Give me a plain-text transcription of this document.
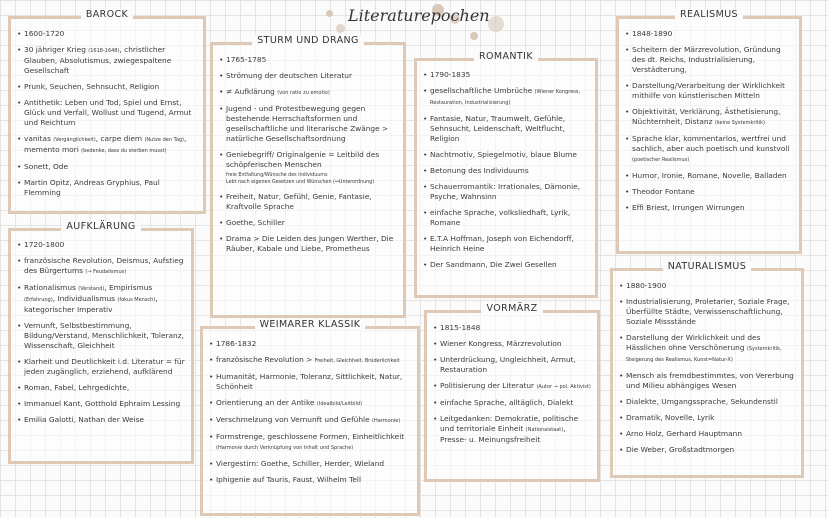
Literaturepochen
BAROCK
• 1600-1720
• 30 jähriger Krieg (1618-1648), christlicher Glauben, Absolutismus, zwiegespaltene Gesellschaft
• Prunk, Seuchen, Sehnsucht, Religion
• Antithetik: Leben und Tod, Spiel und Ernst, Glück und Verfall, Wollust und Tugend, Armut und Reichtum
• vanitas (Vergänglichkeit), carpe diem (Nutze den Tag), memento mori (bedenke, dass du sterben musst)
• Sonett, Ode
• Martin Opitz, Andreas Gryphius, Paul Flemming
AUFKLÄRUNG
• 1720-1800
• französische Revolution, Deismus, Aufstieg des Bürgertums (→ Feudalismus)
• Rationalismus (Verstand), Empirismus (Erfahrung), Individualismus (fokus Mensch), kategorischer Imperativ
• Vernunft, Selbstbestimmung, Bildung/Verstand, Menschlichkeit, Toleranz, Wissenschaft, Gleichheit
• Klarheit und Deutlichkeit i.d. Literatur = für jeden zugänglich, erziehend, aufklärend
• Roman, Fabel, Lehrgedichte,
• Immanuel Kant, Gotthold Ephraim Lessing
• Emilia Galotti, Nathan der Weise
STURM UND DRANG
• 1765-1785
• Strömung der deutschen Literatur
• ≠ Aufklärung (von ratio zu emotio)
• Jugend - und Protestbewegung gegen bestehende Herrschaftsformen und gesellschaftliche und literarische Zwänge > natürliche Gesellschaftsordnung
• Geniebegriff/ Originalgenie = Leitbild des schöpferischen Menschen
freie Entfaltung/Wünsche des Individuums
Lebt nach eigenen Gesetzen und Wünschen (↔Unterordnung)
• Freiheit, Natur, Gefühl, Genie, Fantasie, Kraftvolle Sprache
• Goethe, Schiller
• Drama > Die Leiden des Jungen Werther, Die Räuber, Kabale und Liebe, Prometheus
WEIMARER KLASSIK
• 1786-1832
• französische Revolution > Freiheit, Gleichheit, Brüderlichkeit
• Humanität, Harmonie, Toleranz, Sittlichkeit, Natur, Schönheit
• Orientierung an der Antike (Idealbild/Leitbild)
• Verschmelzung von Vernunft und Gefühle (Harmonie)
• Formstrenge, geschlossene Formen, Einheitlichkeit (Harmonie durch Verknüpfung von Inhalt und Sprache)
• Viergestirn: Goethe, Schiller, Herder, Wieland
• Iphigenie auf Tauris, Faust, Wilhelm Tell
ROMANTIK
• 1790-1835
• gesellschaftliche Umbrüche (Wiener Kongress, Restauration, Industrialisierung)
• Fantasie, Natur, Traumwelt, Gefühle, Sehnsucht, Leidenschaft, Weltflucht, Religion
• Nachtmotiv, Spiegelmotiv, blaue Blume
• Betonung des Individuums
• Schauerromantik: Irrationales, Dämonie, Psyche, Wahnsinn
• einfache Sprache, volksliedhaft, Lyrik, Romane
• E.T.A Hoffman, Joseph von Eichendorff, Heinrich Heine
• Der Sandmann, Die Zwei Gesellen
VORMÄRZ
• 1815-1848
• Wiener Kongress, Märzrevolution
• Unterdrückung, Ungleichheit, Armut, Restauration
• Politisierung der Literatur (Autor → pol. Aktivist)
• einfache Sprache, alltäglich, Dialekt
• Leitgedanken: Demokratie, politische und territoriale Einheit (Nationalstaat), Presse- u. Meinungsfreiheit
REALISMUS
• 1848-1890
• Scheitern der Märzrevolution, Gründung des dt. Reichs, Industrialisierung, Verstädterung,
• Darstellung/Verarbeitung der Wirklichkeit mithilfe von künstlerischen Mitteln
• Objektivität, Verklärung, Ästhetisierung, Nüchternheit, Distanz (keine Systemkritik)
• Sprache klar, kommentarlos, wertfrei und sachlich, aber auch poetisch und kunstvoll (poetischer Realismus)
• Humor, Ironie, Romane, Novelle, Balladen
• Theodor Fontane
• Effi Briest, Irrungen Wirrungen
NATURALISMUS
• 1880-1900
• Industrialisierung, Proletarier, Soziale Frage, Überfüllte Städte, Verwissenschaftlichung, Soziale Missstände
• Darstellung der Wirklichkeit und des Hässlichen ohne Verschönerung (Systemkritik, Steigerung des Realismus, Kunst=Natur-X)
• Mensch als fremdbestimmtes, von Vererbung und Milieu abhängiges Wesen
• Dialekte, Umgangssprache, Sekundenstil
• Dramatik, Novelle, Lyrik
• Arno Holz, Gerhard Hauptmann
• Die Weber, Großstadtmorgen
